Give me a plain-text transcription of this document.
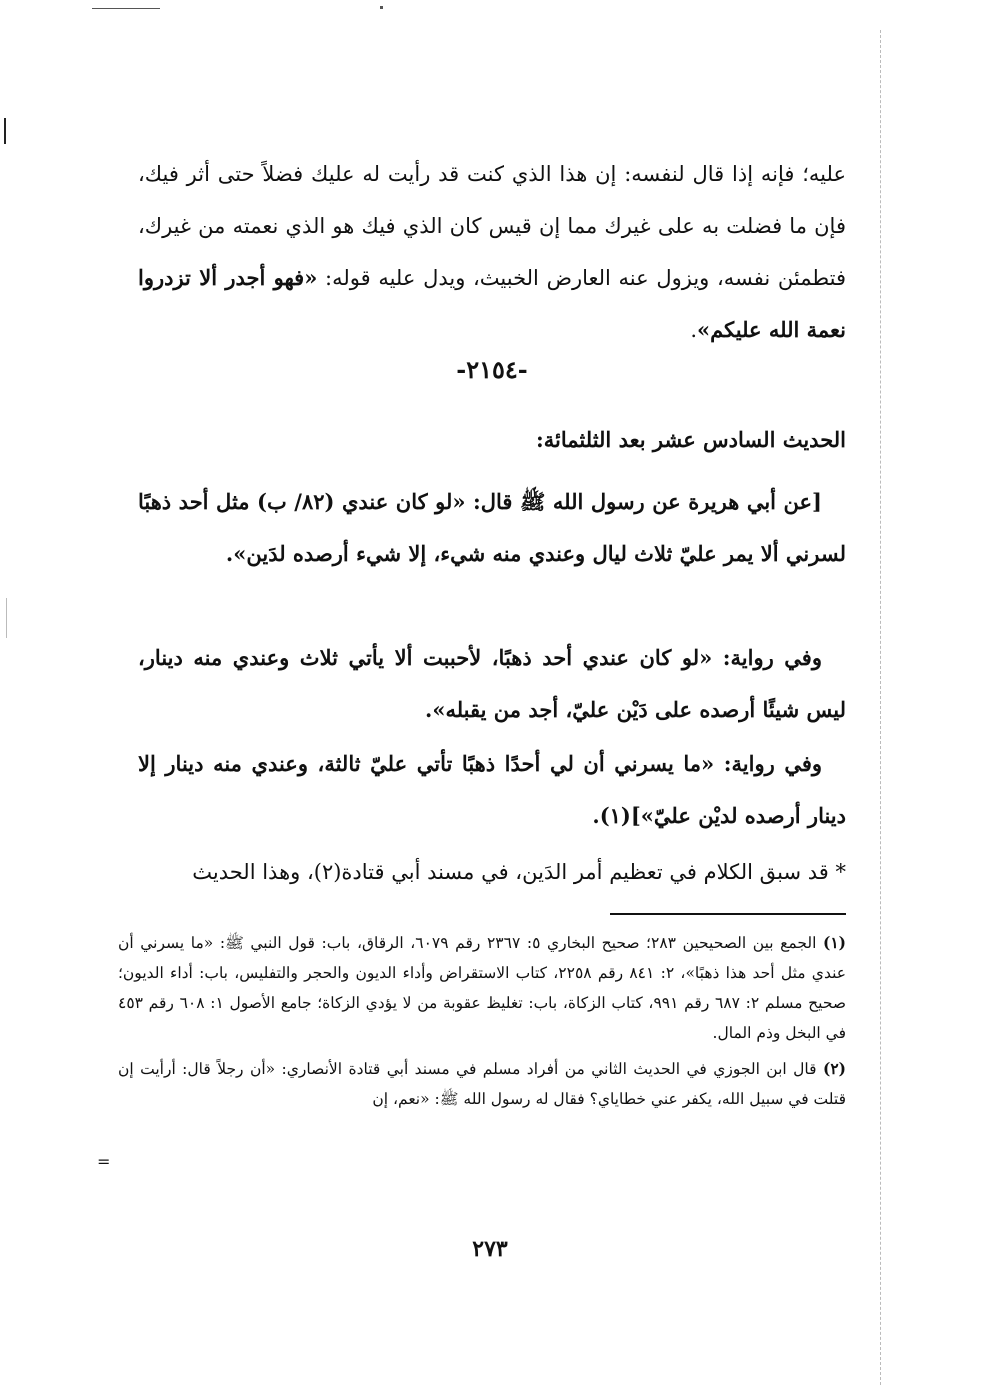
عليه؛ فإنه إذا قال لنفسه: إن هذا الذي كنت قد رأيت له عليك فضلاً حتى أثر فيك، فإن ما فضلت به على غيرك مما إن قيس كان الذي فيك هو الذي نعمته من غيرك، فتطمئن نفسه، ويزول عنه العارض الخبيث، ويدل عليه قوله: «فهو أجدر ألا تزدروا نعمة الله عليكم».

-٢١٥٤-

الحديث السادس عشر بعد الثلثمائة:

[عن أبي هريرة عن رسول الله ﷺ قال: «لو كان عندي (٨٢/ ب) مثل أحد ذهبًا لسرني ألا يمر عليّ ثلاث ليال وعندي منه شيء، إلا شيء أرصده لدَين».

وفي رواية: «لو كان عندي أحد ذهبًا، لأحببت ألا يأتي ثلاث وعندي منه دينار، ليس شيئًا أرصده على دَيْن عليّ، أجد من يقبله».

وفي رواية: «ما يسرني أن لي أحدًا ذهبًا تأتي عليّ ثالثة، وعندي منه دينار إلا دينار أرصده لديْن عليّ»](١).

* قد سبق الكلام في تعظيم أمر الدَين، في مسند أبي قتادة(٢)، وهذا الحديث

(١) الجمع بين الصحيحين ٢٨٣؛ صحيح البخاري ٥: ٢٣٦٧ رقم ٦٠٧٩، الرقاق، باب: قول النبي ﷺ: «ما يسرني أن عندي مثل أحد هذا ذهبًا»، ٢: ٨٤١ رقم ٢٢٥٨، كتاب الاستقراض وأداء الديون والحجر والتفليس، باب: أداء الديون؛ صحيح مسلم ٢: ٦٨٧ رقم ٩٩١، كتاب الزكاة، باب: تغليظ عقوبة من لا يؤدي الزكاة؛ جامع الأصول ١: ٦٠٨ رقم ٤٥٣ في البخل وذم المال.

(٢) قال ابن الجوزي في الحديث الثاني من أفراد مسلم في مسند أبي قتادة الأنصاري: «أن رجلاً قال: أرأيت إن قتلت في سبيل الله، يكفر عني خطاياي؟ فقال له رسول الله ﷺ: «نعم، إن

=
٢٧٣
